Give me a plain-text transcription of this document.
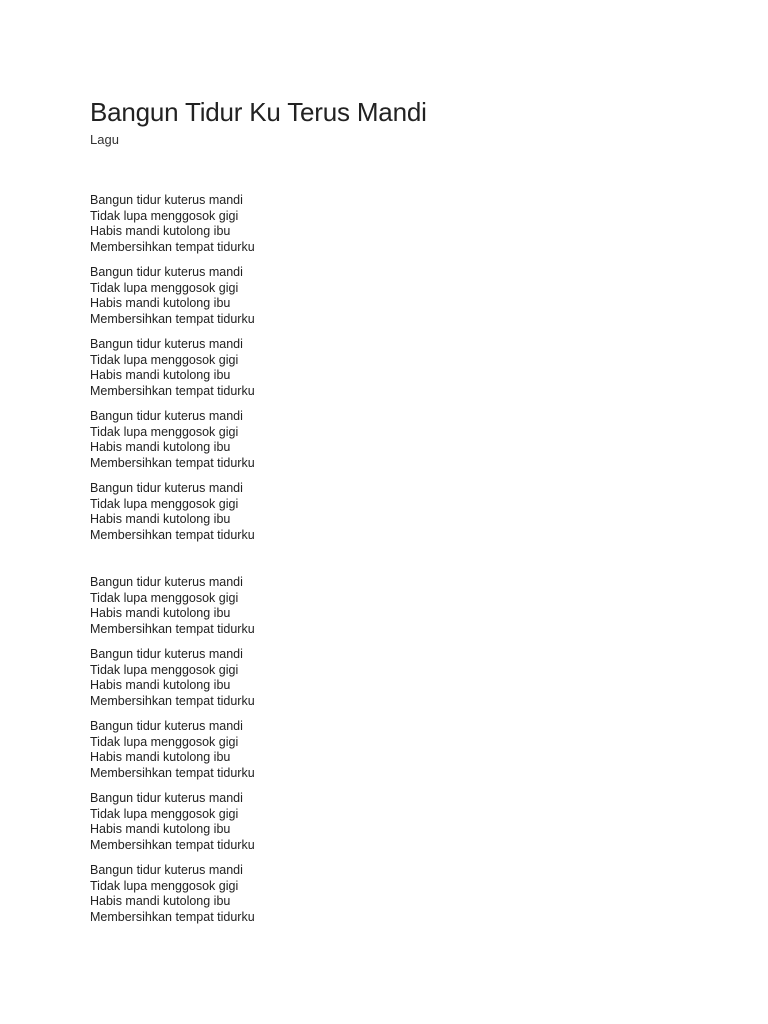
Bangun Tidur Ku Terus Mandi
Lagu
Bangun tidur kuterus mandi
Tidak lupa menggosok gigi
Habis mandi kutolong ibu
Membersihkan tempat tidurku
Bangun tidur kuterus mandi
Tidak lupa menggosok gigi
Habis mandi kutolong ibu
Membersihkan tempat tidurku
Bangun tidur kuterus mandi
Tidak lupa menggosok gigi
Habis mandi kutolong ibu
Membersihkan tempat tidurku
Bangun tidur kuterus mandi
Tidak lupa menggosok gigi
Habis mandi kutolong ibu
Membersihkan tempat tidurku
Bangun tidur kuterus mandi
Tidak lupa menggosok gigi
Habis mandi kutolong ibu
Membersihkan tempat tidurku
Bangun tidur kuterus mandi
Tidak lupa menggosok gigi
Habis mandi kutolong ibu
Membersihkan tempat tidurku
Bangun tidur kuterus mandi
Tidak lupa menggosok gigi
Habis mandi kutolong ibu
Membersihkan tempat tidurku
Bangun tidur kuterus mandi
Tidak lupa menggosok gigi
Habis mandi kutolong ibu
Membersihkan tempat tidurku
Bangun tidur kuterus mandi
Tidak lupa menggosok gigi
Habis mandi kutolong ibu
Membersihkan tempat tidurku
Bangun tidur kuterus mandi
Tidak lupa menggosok gigi
Habis mandi kutolong ibu
Membersihkan tempat tidurku
